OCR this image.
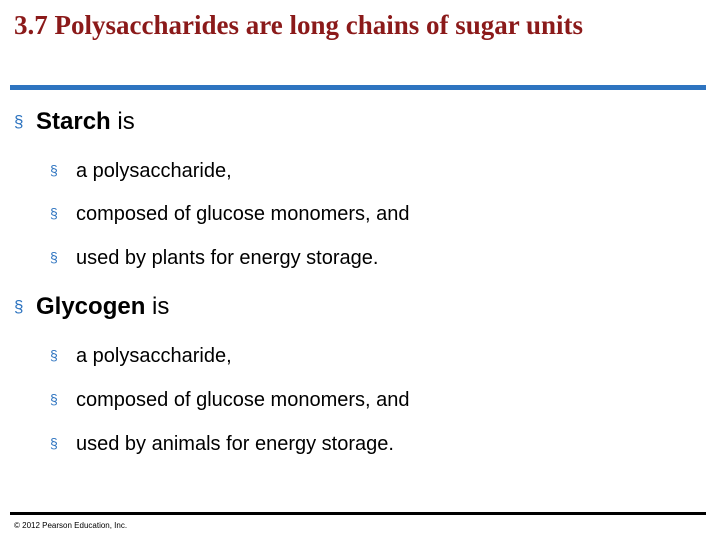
3.7 Polysaccharides are long chains of sugar units
§ Starch is
§ a polysaccharide,
§ composed of glucose monomers, and
§ used by plants for energy storage.
§ Glycogen is
§ a polysaccharide,
§ composed of glucose monomers, and
§ used by animals for energy storage.
© 2012 Pearson Education, Inc.
